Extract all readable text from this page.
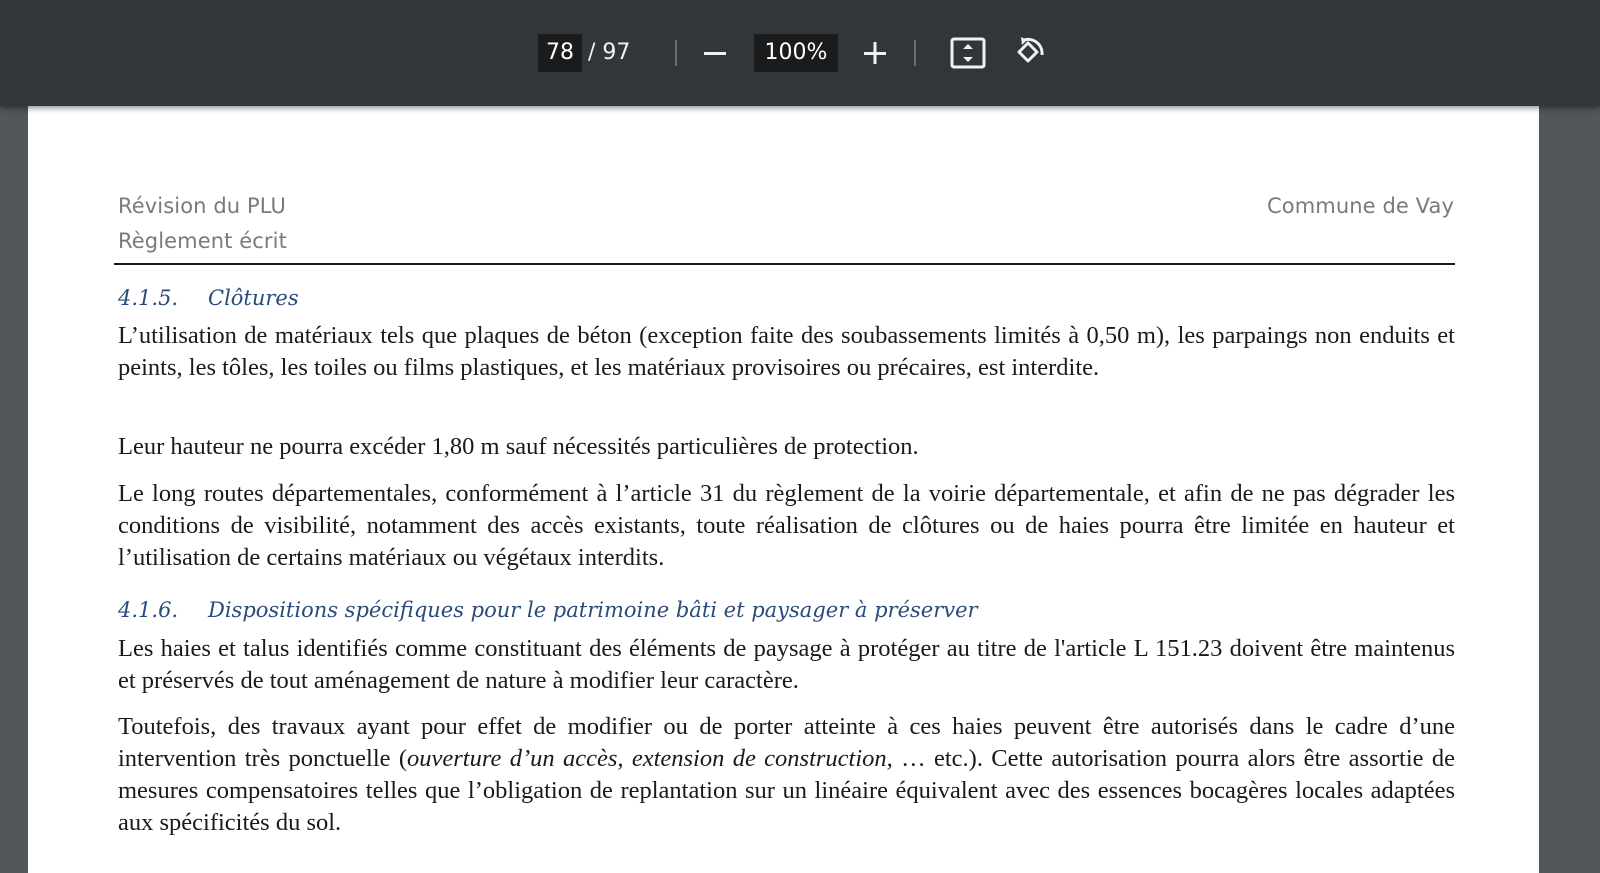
78 / 97	100%
Révision du PLU
Règlement écrit
Commune de Vay
4.1.5. Clôtures

L’utilisation de matériaux tels que plaques de béton (exception faite des soubassements limités à 0,50 m), les parpaings non enduits et peints, les tôles, les toiles ou films plastiques, et les matériaux provisoires ou précaires, est interdite.

Leur hauteur ne pourra excéder 1,80 m sauf nécessités particulières de protection.

Le long routes départementales, conformément à l’article 31 du règlement de la voirie départementale, et afin de ne pas dégrader les conditions de visibilité, notamment des accès existants, toute réalisation de clôtures ou de haies pourra être limitée en hauteur et l’utilisation de certains matériaux ou végétaux interdits.

4.1.6. Dispositions spécifiques pour le patrimoine bâti et paysager à préserver

Les haies et talus identifiés comme constituant des éléments de paysage à protéger au titre de l'article L 151.23 doivent être maintenus et préservés de tout aménagement de nature à modifier leur caractère.

Toutefois, des travaux ayant pour effet de modifier ou de porter atteinte à ces haies peuvent être autorisés dans le cadre d’une intervention très ponctuelle (ouverture d’un accès, extension de construction, … etc.). Cette autorisation pourra alors être assortie de mesures compensatoires telles que l’obligation de replantation sur un linéaire équivalent avec des essences bocagères locales adaptées aux spécificités du sol.
